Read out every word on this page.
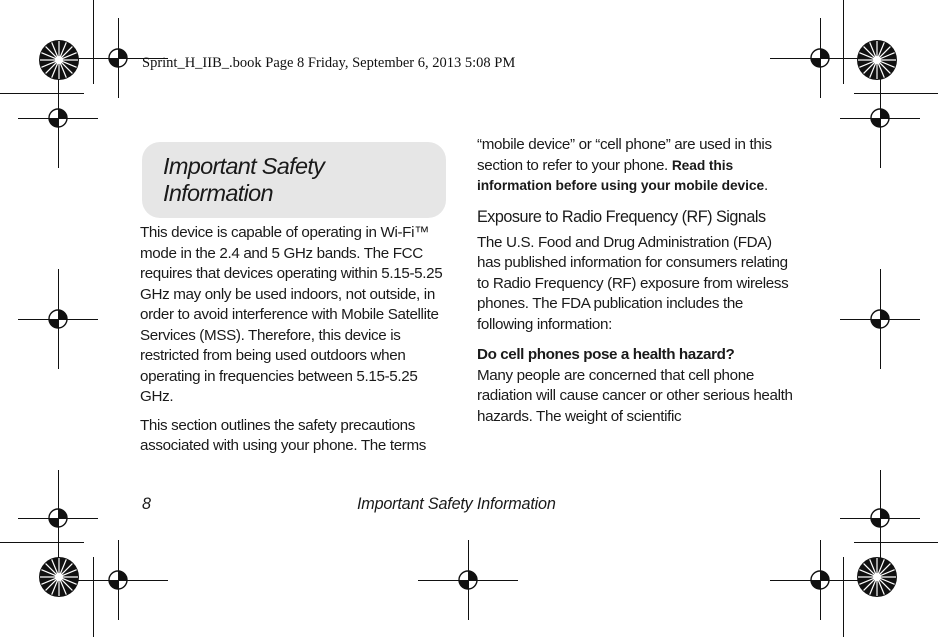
Sprint_H_IIB_.book Page 8 Friday, September 6, 2013 5:08 PM
Important Safety Information

This device is capable of operating in Wi-Fi™ mode in the 2.4 and 5 GHz bands. The FCC requires that devices operating within 5.15-5.25 GHz may only be used indoors, not outside, in order to avoid interference with Mobile Satellite Services (MSS). Therefore, this device is restricted from being used outdoors when operating in frequencies between 5.15-5.25 GHz.

This section outlines the safety precautions associated with using your phone. The terms

“mobile device” or “cell phone” are used in this section to refer to your phone. Read this information before using your mobile device.

Exposure to Radio Frequency (RF) Signals

The U.S. Food and Drug Administration (FDA) has published information for consumers relating to Radio Frequency (RF) exposure from wireless phones. The FDA publication includes the following information:

Do cell phones pose a health hazard?

Many people are concerned that cell phone radiation will cause cancer or other serious health hazards. The weight of scientific

8	Important Safety Information
